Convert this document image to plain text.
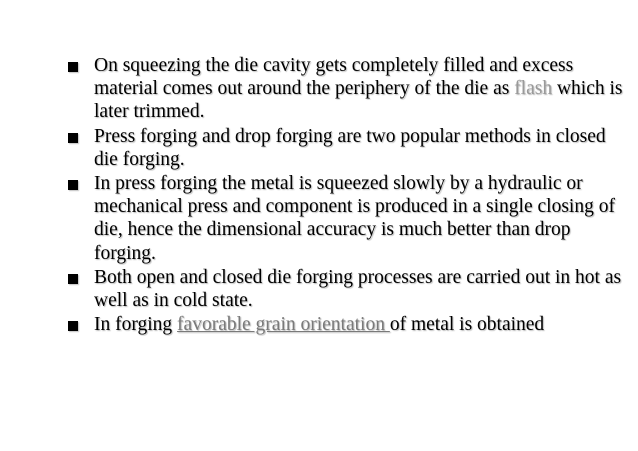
On squeezing the die cavity gets completely filled and excess material comes out around the periphery of the die as flash which is later trimmed.
Press forging and drop forging are two popular methods in closed die forging.
In press forging the metal is squeezed slowly by a hydraulic or mechanical press and component is produced in a single closing of die, hence the dimensional accuracy is much better than drop forging.
Both open and closed die forging processes are carried out in hot as well as in cold state.
In forging favorable grain orientation of metal is obtained
